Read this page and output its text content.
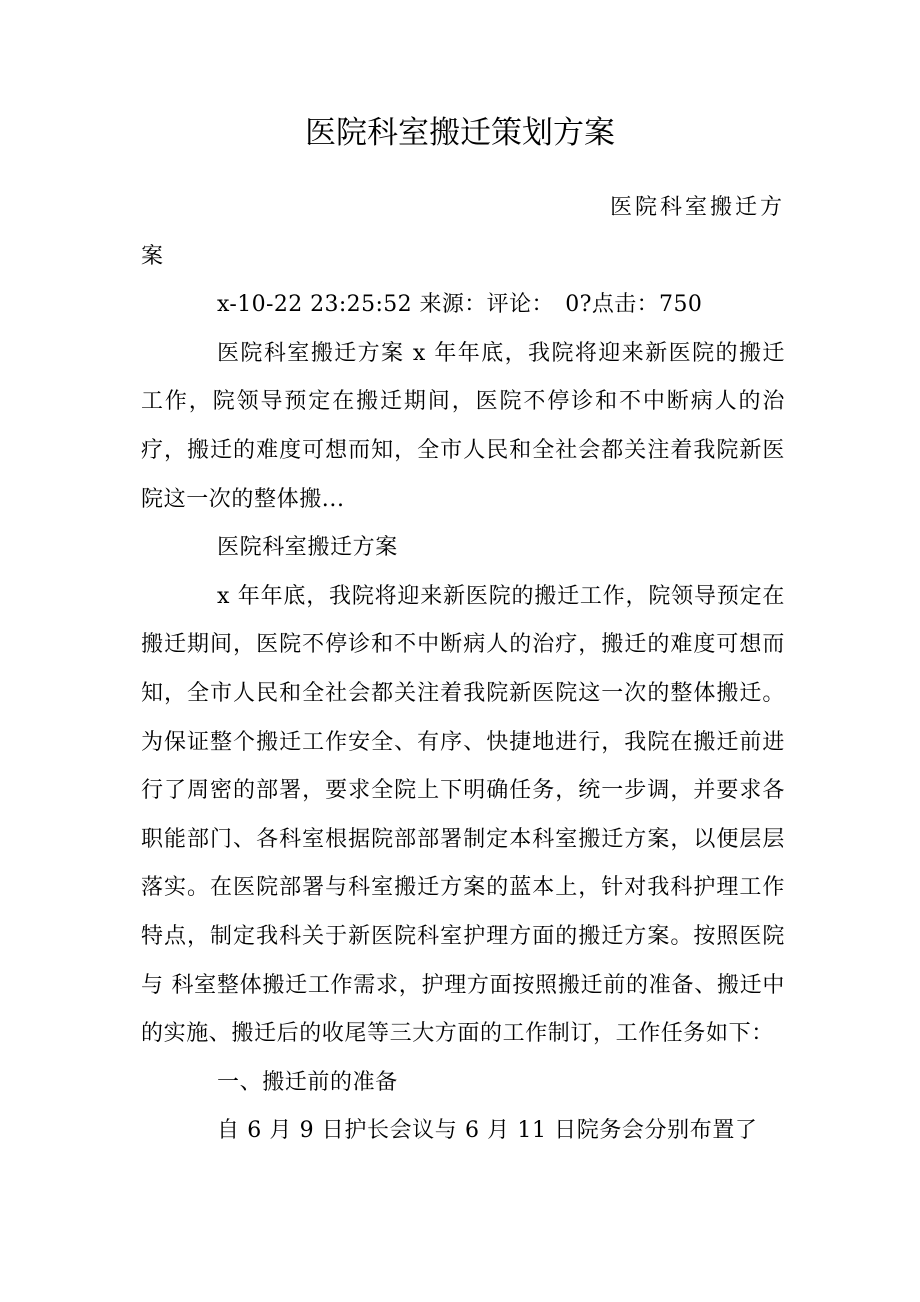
医院科室搬迁策划方案

医院科室搬迁方

案

x-10-22 23:25:52 来源：评论：　0?点击：750

医院科室搬迁方案 x 年年底，我院将迎来新医院的搬迁工作，院领导预定在搬迁期间，医院不停诊和不中断病人的治疗，搬迁的难度可想而知，全市人民和全社会都关注着我院新医院这一次的整体搬...

医院科室搬迁方案

x 年年底，我院将迎来新医院的搬迁工作，院领导预定在搬迁期间，医院不停诊和不中断病人的治疗，搬迁的难度可想而知，全市人民和全社会都关注着我院新医院这一次的整体搬迁。为保证整个搬迁工作安全、有序、快捷地进行，我院在搬迁前进行了周密的部署，要求全院上下明确任务，统一步调，并要求各职能部门、各科室根据院部部署制定本科室搬迁方案，以便层层落实。在医院部署与科室搬迁方案的蓝本上，针对我科护理工作特点，制定我科关于新医院科室护理方面的搬迁方案。按照医院与 科室整体搬迁工作需求，护理方面按照搬迁前的准备、搬迁中的实施、搬迁后的收尾等三大方面的工作制订，工作任务如下：

一、搬迁前的准备

自 6 月 9 日护长会议与 6 月 11 日院务会分别布置了
